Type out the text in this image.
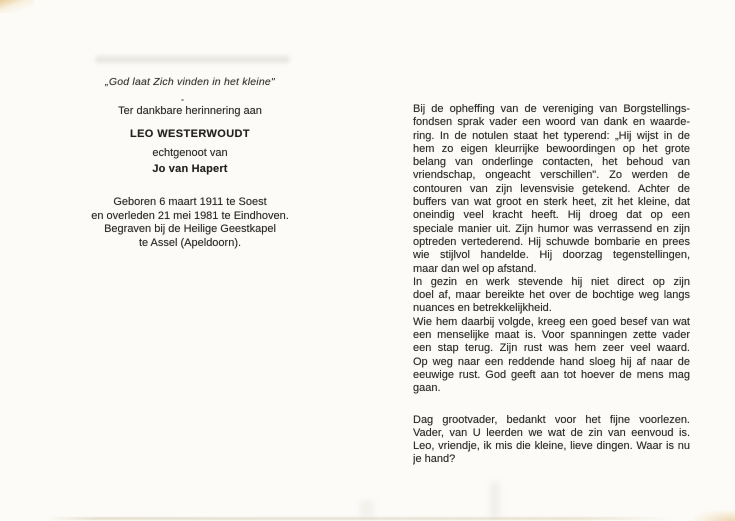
„God laat Zich vinden in het kleine"
Ter dankbare herinnering aan
LEO WESTERWOUDT
echtgenoot van
Jo van Hapert
Geboren 6 maart 1911 te Soest
en overleden 21 mei 1981 te Eindhoven.
Begraven bij de Heilige Geestkapel
te Assel (Apeldoorn).
Bij de opheffing van de vereniging van Borgstellings-
fondsen sprak vader een woord van dank en waarde-
ring. In de notulen staat het typerend: „Hij wijst in de
hem zo eigen kleurrijke bewoordingen op het grote
belang van onderlinge contacten, het behoud van
vriendschap, ongeacht verschillen". Zo werden de
contouren van zijn levensvisie getekend. Achter de
buffers van wat groot en sterk heet, zit het kleine, dat
oneindig veel kracht heeft. Hij droeg dat op een
speciale manier uit. Zijn humor was verrassend en zijn
optreden vertederend. Hij schuwde bombarie en prees
wie stijlvol handelde. Hij doorzag tegenstellingen,
maar dan wel op afstand.
In gezin en werk stevende hij niet direct op zijn
doel af, maar bereikte het over de bochtige weg langs
nuances en betrekkelijkheid.
Wie hem daarbij volgde, kreeg een goed besef van wat
een menselijke maat is. Voor spanningen zette vader
een stap terug. Zijn rust was hem zeer veel waard.
Op weg naar een reddende hand sloeg hij af naar de
eeuwige rust. God geeft aan tot hoever de mens mag
gaan.
Dag grootvader, bedankt voor het fijne voorlezen.
Vader, van U leerden we wat de zin van eenvoud is.
Leo, vriendje, ik mis die kleine, lieve dingen. Waar is nu
je hand?
